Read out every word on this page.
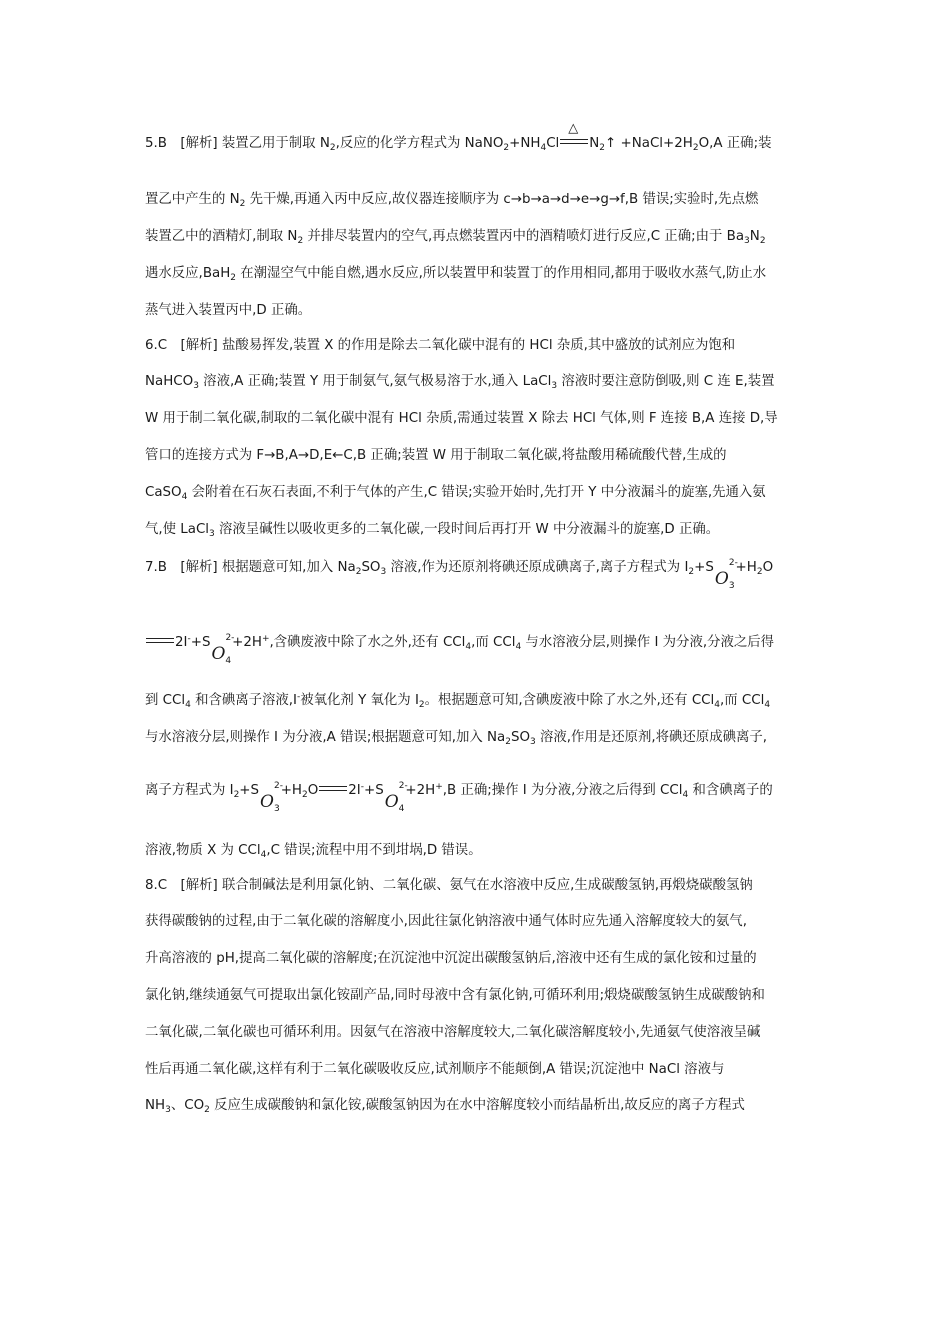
5.B　[解析] 装置乙用于制取 $N_2$,反应的化学方程式为 $NaNO_2+NH_4Cl$
△
$N_2↑$ $+NaCl+2H_2O,A$ 正确;装
置乙中产生的 $N_2$ 先干燥,再通入丙中反应,故仪器连接顺序为 c→b→a→d→e→g→f,B 错误;实验时,先点燃
装置乙中的酒精灯,制取 $N_2$ 并排尽装置内的空气,再点燃装置丙中的酒精喷灯进行反应,C 正确;由于 $Ba_3N_2$
遇水反应,BaH$_2$ 在潮湿空气中能自燃,遇水反应,所以装置甲和装置丁的作用相同,都用于吸收水蒸气,防止水
蒸气进入装置丙中,D 正确。
6.C　[解析] 盐酸易挥发,装置 X 的作用是除去二氧化碳中混有的 HCl 杂质,其中盛放的试剂应为饱和
NaHCO$_3$ 溶液,A 正确;装置 Y 用于制氨气,氨气极易溶于水,通入 LaCl$_3$ 溶液时要注意防倒吸,则 C 连 E,装置
W 用于制二氧化碳,制取的二氧化碳中混有 HCl 杂质,需通过装置 X 除去 HCl 气体,则 F 连接 B,A 连接 D,导
管口的连接方式为 F→B,A→D,E←C,B 正确;装置 W 用于制取二氧化碳,将盐酸用稀硫酸代替,生成的
CaSO$_4$ 会附着在石灰石表面,不利于气体的产生,C 错误;实验开始时,先打开 Y 中分液漏斗的旋塞,先通入氨
气,使 LaCl$_3$ 溶液呈碱性以吸收更多的二氧化碳,一段时间后再打开 W 中分液漏斗的旋塞,D 正确。
7.B　[解析] 根据题意可知,加入 $Na_2SO_3$ 溶液,作为还原剂将碘还原成碘离子,离子方程式为 $I_2+SO_3$
2-
$+H_2O$
$2I^-+SO_4$
2-
+2H+,含碘废液中除了水之外,还有 CCl$_4$,而 CCl$_4$ 与水溶液分层,则操作 Ⅰ 为分液,分液之后得
到 CCl$_4$ 和含碘离子溶液,I-被氧化剂 Y 氧化为 $I_2$。根据题意可知,含碘废液中除了水之外,还有 CCl$_4$,而 CCl$_4$
与水溶液分层,则操作 Ⅰ 为分液,A 错误;根据题意可知,加入 $Na_2SO_3$ 溶液,作用是还原剂,将碘还原成碘离子,
离子方程式为 $I_2+SO_3$
2-
$+H_2O$ $2I^-+SO_4$
2-
+2H+,B 正确;操作 Ⅰ 为分液,分液之后得到 CCl$_4$ 和含碘离子的
溶液,物质 X 为 CCl$_4$,C 错误;流程中用不到坩埚,D 错误。
8.C　[解析] 联合制碱法是利用氯化钠、二氧化碳、氨气在水溶液中反应,生成碳酸氢钠,再煅烧碳酸氢钠
获得碳酸钠的过程,由于二氧化碳的溶解度小,因此往氯化钠溶液中通气体时应先通入溶解度较大的氨气,
升高溶液的 pH,提高二氧化碳的溶解度;在沉淀池中沉淀出碳酸氢钠后,溶液中还有生成的氯化铵和过量的
氯化钠,继续通氨气可提取出氯化铵副产品,同时母液中含有氯化钠,可循环利用;煅烧碳酸氢钠生成碳酸钠和
二氧化碳,二氧化碳也可循环利用。因氨气在溶液中溶解度较大,二氧化碳溶解度较小,先通氨气使溶液呈碱
性后再通二氧化碳,这样有利于二氧化碳吸收反应,试剂顺序不能颠倒,A 错误;沉淀池中 NaCl 溶液与
$NH_3$、$CO_2$ 反应生成碳酸钠和氯化铵,碳酸氢钠因为在水中溶解度较小而结晶析出,故反应的离子方程式
